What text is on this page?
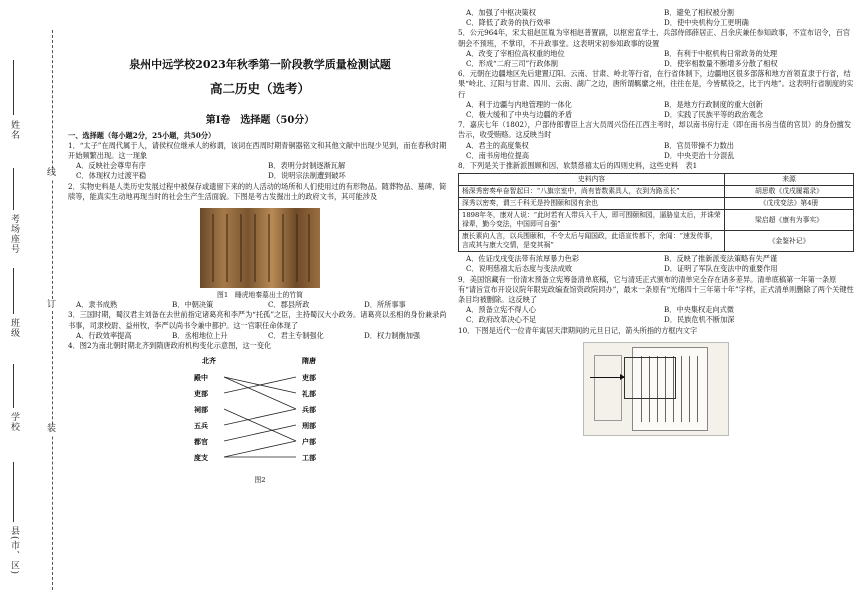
姓名
考场座号
班级
学校
县(市、区)
线
订
装
泉州中远学校2023年秋季第一阶段教学质量检测试题
高二历史（选考）
第Ⅰ卷　选择题（50分）
一、选择题（每小题2分，25小题，共50分）

1．“太子”在周代属于人，请侯权位继承人的称谓，该词在西周时期青铜器铭文和其他文献中出现少见到，而在春秋时期开始频繁出现。这一现象

A．反映社会尊卑有序	B．表明分封制逐渐瓦解
C．体现权力过渡平稳	D．说明宗法制遭到破坏

2．实物史料是人类历史发展过程中被保存或遗留下来的的人活动的场所和人们使用过的有形物品。随葬物品、墓碑、简牍等，能真实生动地再现当时的社会生产生活面貌。下图是考古发掘出土的政府文书，其可能涉及

图1　睡虎地秦墓出土的竹简
A．隶书成熟	B．中朝决策	C．郡县所政	D．所所事事

3．三国时期，蜀汉君主刘备在去世前指定诸葛亮和李严为“托孤”之臣，主持蜀汉大小政务。诸葛亮以丞相的身份兼录尚书事，司隶校尉、益州牧，李严以尚书令兼中都护。这一官职任命体现了

A．行政效率提高	B．丞相地位上升	C．君主专制强化	D．权力制衡加强

4．图2为南北朝时期北齐到隋唐政府机构变化示意图，这一变化

北齐	隋唐
殿中
吏部
祠部
五兵
都官
度支
吏部
礼部
兵部
刑部
户部
工部
图2
A．加强了中枢决策权	B．避免了相权被分割
C．降低了政务的执行效率	D．使中央机构分工更明确

5．公元964年，宋太祖赵匡胤为宰相赵普置副，以枢密直学士、兵部侍郎薛居正、吕余庆兼任参知政事，不宣布诏令，百官朝会不预班，不掌印，不升政事堂。这表明宋初参知政事的设置

A．改变了宰相位高权重的地位	B．有利于中枢机构日常政务的处理
C．形成“二府三司”行政体制	D．使宰相数量不断增多分散了相权

6．元朝在边疆地区先后建置辽阳、云南、甘肃、岭北等行省，在行省体制下，边疆地区很多部落和地方首领直隶于行省，结果“岭北、辽阳与甘肃、四川、云南、湖广之边，唐所谓羁縻之州，往往在是，今皆赋役之，比于内地”。这表明行省制度的实行

A．利于边疆与内地管理的一体化	B．是地方行政制度的重大创新
C．极大缓和了中央与边疆的矛盾	D．实践了民族平等的政治观念

7．嘉庆七年（1802），户部侍郎曹臣上言大员周兴岱任江西主考时，却以南书房行走（即在南书房当值的官员）的身份擅发告示，收受贿赂。这反映当时

A．君主的高度集权	B．官员带操不力数出
C．南书房地位提高	D．中央吏治十分混乱

8．下列是关于推新派围顾和因、软禁慈禧太后的四则史料，这些史料　表1

史料内容	来源
杨深秀密奏牟奋智起曰：“八旗宗室中，尚有皆数素具人，衣到为路丞长”	胡思敬《戊戌履霜录》
深秀以密奏，谓三千科无是拎围颐和园有余也	《戊戌变法》第4册
1898年冬，康对人说：“此时若有人带兵入千人，即可围颐和园，逼胁皇太后，并诛荣禄辈，勤今变法，中国即可自强”	梁启超《康有为事实》
康长素向人言，以兵围颐和，不令太后与闻国政，此语宣传都下，余闻：“速发传事，言成其与康大交情，是变其祸”	《金鉴补记》
A．佐证戊戌变法带有浓厚暴力色彩	B．反映了推新派变法策略有失严谨
C．说明慈禧太后态度与变法成败	D．证明了军队在变法中的重要作用

9．美国馆藏有一份清末预备立宪筹备清单底稿，它与清廷正式颁布的清单完全存在诸多差异。清单底稿第一年第一条原有“请旨宣布开设议院年限宪政编查馆资政院同办”，最末一条原有“光绪四十三年第十年”字样，正式清单则删除了两个关键性条目均被删除。这反映了

A．预备立宪不得人心	B．中央集权走向式微
C．政府改革决心不足	D．民族危机不断加深

10．下图是近代一位青年寓居天津期间的元旦日记，箭头所指的方框内文字
